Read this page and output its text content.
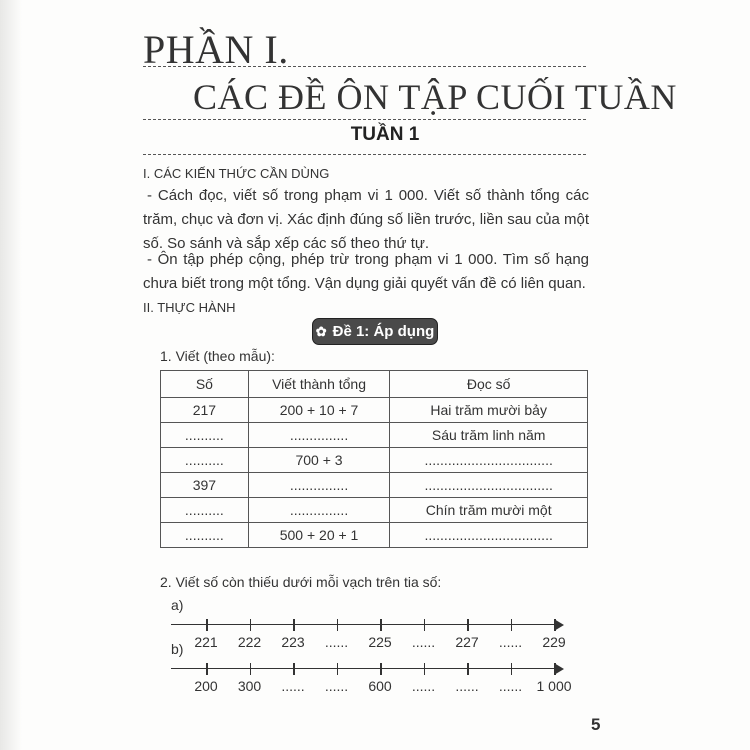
PHẦN I.
CÁC ĐỀ ÔN TẬP CUỐI TUẦN
TUẦN 1
I. CÁC KIẾN THỨC CẦN DÙNG
- Cách đọc, viết số trong phạm vi 1 000. Viết số thành tổng các trăm, chục và đơn vị. Xác định đúng số liền trước, liền sau của một số. So sánh và sắp xếp các số theo thứ tự.
- Ôn tập phép cộng, phép trừ trong phạm vi 1 000. Tìm số hạng chưa biết trong một tổng. Vận dụng giải quyết vấn đề có liên quan.
II. THỰC HÀNH
✿ Đề 1: Áp dụng
1. Viết (theo mẫu):
Số	Viết thành tổng	Đọc số
217	200 + 10 + 7	Hai trăm mười bảy
..........	...............	Sáu trăm linh năm
..........	700 + 3	.................................
397	...............	.................................
..........	...............	Chín trăm mười một
..........	500 + 20 + 1	.................................
2. Viết số còn thiếu dưới mỗi vạch trên tia số:
a)
221 222 223 ...... 225 ...... 227 ...... 229
b)
200 300 ...... ...... 600 ...... ...... ...... 1 000
5
